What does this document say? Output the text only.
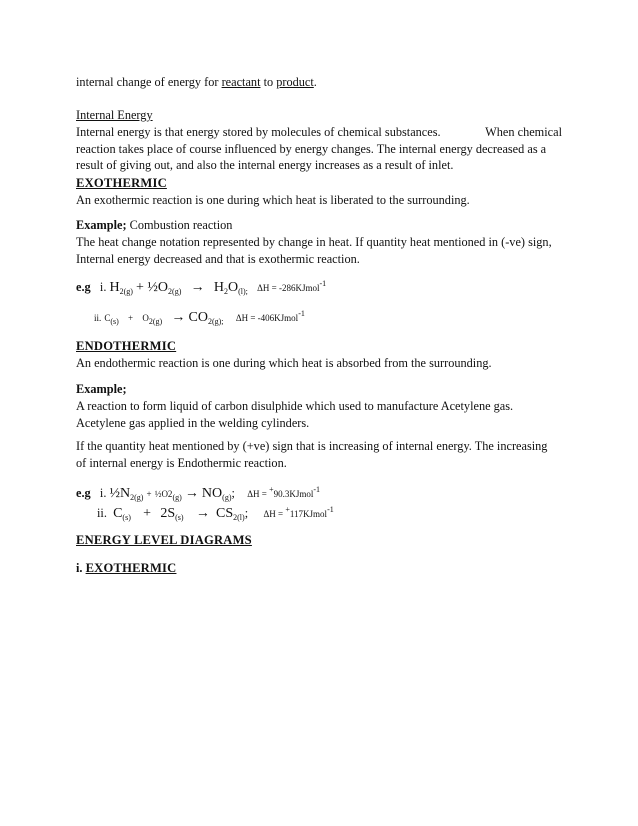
internal change of energy for reactant to product.
Internal Energy
Internal energy is that energy stored by molecules of chemical substances.	When chemical
reaction takes place of course influenced by energy changes. The internal energy decreased as a
result of giving out, and also the internal energy increases as a result of inlet.
EXOTHERMIC
An exothermic reaction is one during which heat is liberated to the surrounding.
Example; Combustion reaction
The heat change notation represented by change in heat. If quantity heat mentioned in (-ve) sign,
Internal energy decreased and that is exothermic reaction.
e.g i. $H_{2(g)}$ + $\frac{1}{2}O_{2(g)} \to H_2O_{(l);}$ ΔH = -286KJmol$^{-1}$
ii. $C_{(s)} + O_{2(g)} \to CO_{2(g);}$ ΔH = -406KJmol$^{-1}$
ENDOTHERMIC
An endothermic reaction is one during which heat is absorbed from the surrounding.
Example;
A reaction to form liquid of carbon disulphide which used to manufacture Acetylene gas.
Acetylene gas applied in the welding cylinders.
If the quantity heat mentioned by (+ve) sign that is increasing of internal energy. The increasing
of internal energy is Endothermic reaction.
e.g i. $\frac{1}{2}N_{2(g)}$ + $\frac{1}{2}O2_{(g)} \to NO_{(g)}$; ΔH = +90.3KJmol$^{-1}$
ii. $C_{(s)} + 2S_{(s)} \to CS_{2(l)}$; ΔH = +117KJmol$^{-1}$
ENERGY LEVEL DIAGRAMS
i. EXOTHERMIC
